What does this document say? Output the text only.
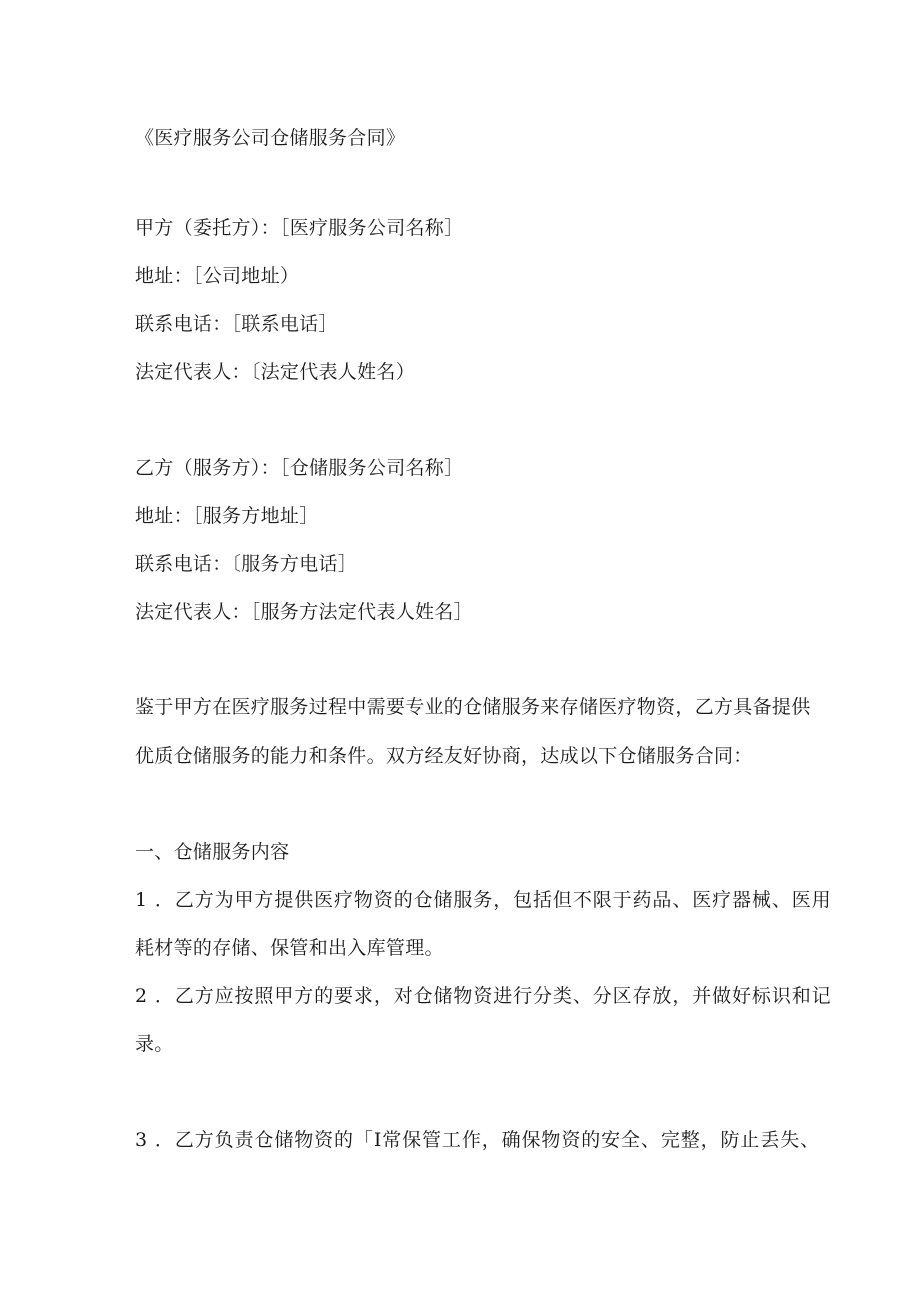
《医疗服务公司仓储服务合同》

甲方（委托方）：［医疗服务公司名称］

地址：［公司地址）

联系电话：［联系电话］

法定代表人：〔法定代表人姓名）

乙方（服务方）：［仓储服务公司名称］

地址：［服务方地址］

联系电话：〔服务方电话］

法定代表人：［服务方法定代表人姓名］

鉴于甲方在医疗服务过程中需要专业的仓储服务来存储医疗物资，乙方具备提供

优质仓储服务的能力和条件。双方经友好协商，达成以下仓储服务合同：

一、仓储服务内容

1 ．乙方为甲方提供医疗物资的仓储服务，包括但不限于药品、医疗器械、医用

耗材等的存储、保管和出入库管理。

2 ．乙方应按照甲方的要求，对仓储物资进行分类、分区存放，并做好标识和记

录。

3 ．乙方负责仓储物资的「I常保管工作，确保物资的安全、完整，防止丢失、
